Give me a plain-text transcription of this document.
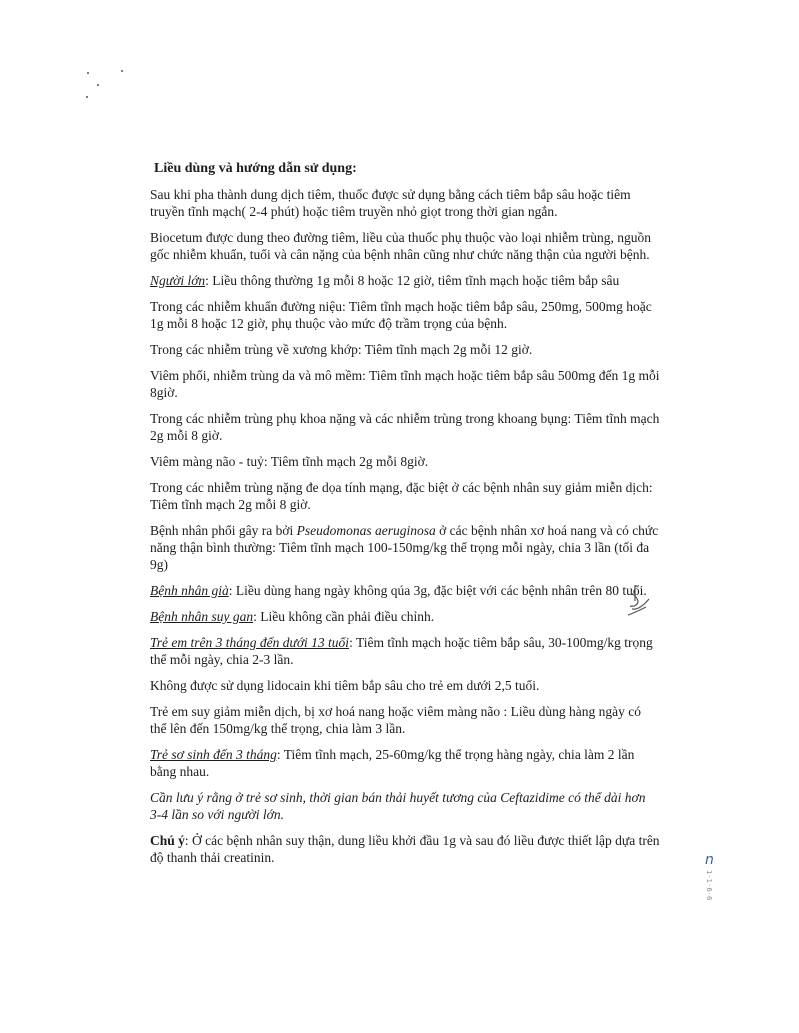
Liều dùng và hướng dẫn sử dụng:
Sau khi pha thành dung dịch tiêm, thuốc được sử dụng bằng cách tiêm bắp sâu hoặc tiêm truyền tĩnh mạch( 2-4 phút) hoặc tiêm truyền nhỏ giọt trong thời gian ngắn.
Biocetum được dung theo đường tiêm, liều của thuốc phụ thuộc vào loại nhiễm trùng, nguồn gốc nhiễm khuẩn, tuổi và cân nặng của bệnh nhân cũng như chức năng thận của người bệnh.
Người lớn: Liều thông thường 1g mỗi 8 hoặc 12 giờ, tiêm tĩnh mạch hoặc tiêm bắp sâu
Trong các nhiễm khuẩn đường niệu: Tiêm tĩnh mạch hoặc tiêm bắp sâu, 250mg, 500mg hoặc 1g mỗi 8 hoặc 12 giờ, phụ thuộc vào mức độ trầm trọng của bệnh.
Trong các nhiễm trùng về xương khớp: Tiêm tĩnh mạch 2g mỗi 12 giờ.
Viêm phổi, nhiễm trùng da và mô mềm: Tiêm tĩnh mạch hoặc tiêm bắp sâu 500mg đến 1g mỗi 8giờ.
Trong các nhiễm trùng phụ khoa nặng và các nhiễm trùng trong khoang bụng: Tiêm tĩnh mạch 2g mỗi 8 giờ.
Viêm màng não - tuỷ: Tiêm tĩnh mạch 2g mỗi 8giờ.
Trong các nhiễm trùng nặng đe dọa tính mạng, đặc biệt ở các bệnh nhân suy giảm miễn dịch: Tiêm tĩnh mạch 2g mỗi 8 giờ.
Bệnh nhân phổi gây ra bởi Pseudomonas aeruginosa ở các bệnh nhân xơ hoá nang và có chức năng thận bình thường: Tiêm tĩnh mạch 100-150mg/kg thể trọng mỗi ngày, chia 3 lần (tối đa 9g)
Bệnh nhân già: Liều dùng hang ngày không qúa 3g, đặc biệt với các bệnh nhân trên 80 tuổi.
Bệnh nhân suy gan: Liều không cần phải điều chỉnh.
Trẻ em trên 3 tháng đến dưới 13 tuổi: Tiêm tĩnh mạch hoặc tiêm bắp sâu, 30-100mg/kg trọng thể mỗi ngày, chia 2-3 lần.
Không được sử dụng lidocain khi tiêm bắp sâu cho trẻ em dưới 2,5 tuổi.
Trẻ em suy giảm miễn dịch, bị xơ hoá nang hoặc viêm màng não : Liều dùng hàng ngày có thể lên đến 150mg/kg thể trọng, chia làm 3 lần.
Trẻ sơ sinh đến 3 tháng: Tiêm tĩnh mạch, 25-60mg/kg thể trọng hàng ngày, chia làm 2 lần bằng nhau.
Cần lưu ý rằng ở trẻ sơ sinh, thời gian bán thải huyết tương của Ceftazidime có thể dài hơn 3-4 lần so với người lớn.
Chú ý: Ở các bệnh nhân suy thận, dung liều khởi đầu 1g và sau đó liều được thiết lập dựa trên độ thanh thải creatinin.	n
1·1·6·6
